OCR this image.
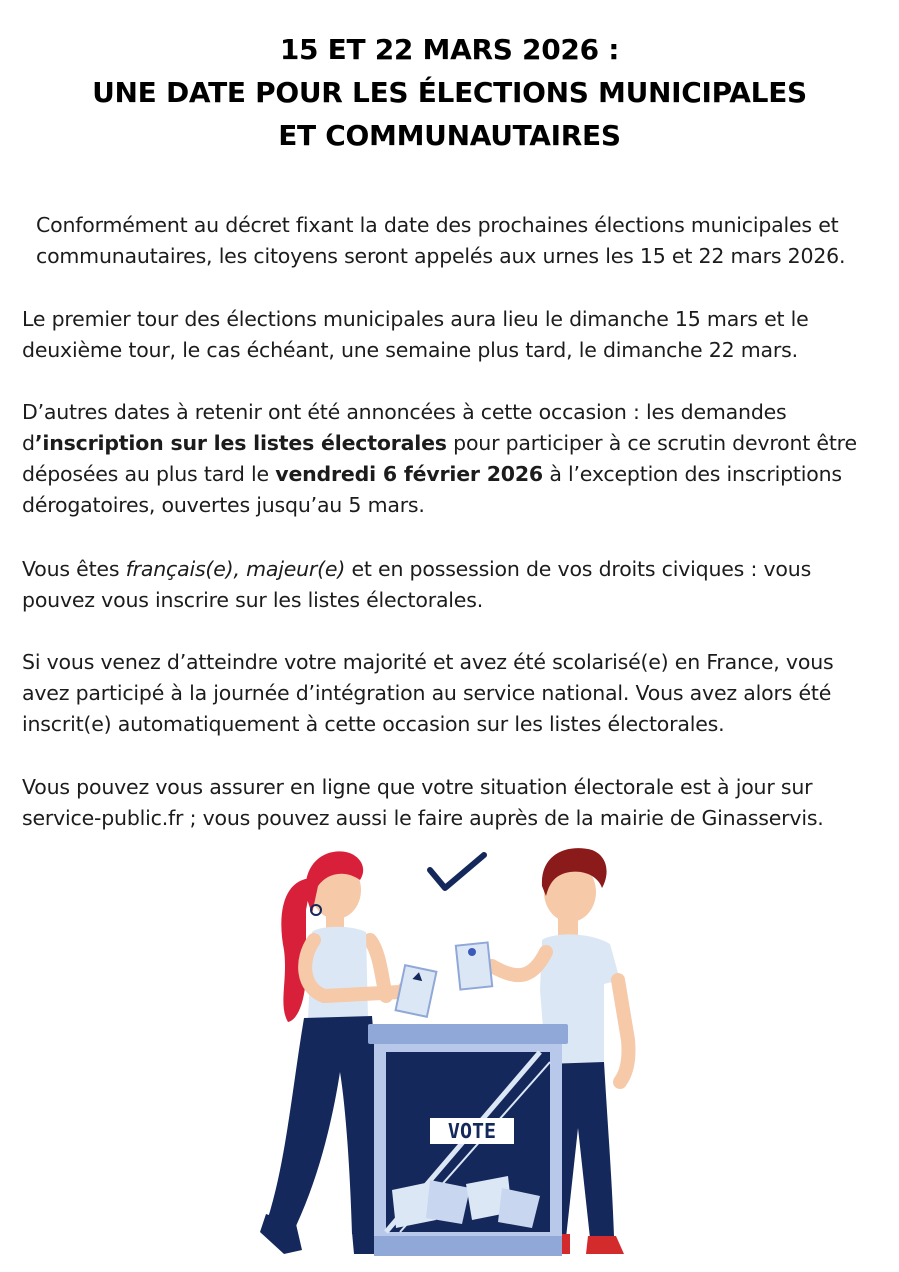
15 ET 22 MARS 2026 :
UNE DATE POUR LES ÉLECTIONS MUNICIPALES
ET COMMUNAUTAIRES
Conformément au décret fixant la date des prochaines élections municipales et
communautaires, les citoyens seront appelés aux urnes les 15 et 22 mars 2026.
Le premier tour des élections municipales aura lieu le dimanche 15 mars et le
deuxième tour, le cas échéant, une semaine plus tard, le dimanche 22 mars.
D’autres dates à retenir ont été annoncées à cette occasion : les demandes
d’inscription sur les listes électorales pour participer à ce scrutin devront être
déposées au plus tard le vendredi 6 février 2026 à l’exception des inscriptions
dérogatoires, ouvertes jusqu’au 5 mars.
Vous êtes français(e), majeur(e) et en possession de vos droits civiques : vous
pouvez vous inscrire sur les listes électorales.
Si vous venez d’atteindre votre majorité et avez été scolarisé(e) en France, vous
avez participé à la journée d’intégration au service national. Vous avez alors été
inscrit(e) automatiquement à cette occasion sur les listes électorales.
Vous pouvez vous assurer en ligne que votre situation électorale est à jour sur
service-public.fr ; vous pouvez aussi le faire auprès de la mairie de Ginasservis.
VOTE
